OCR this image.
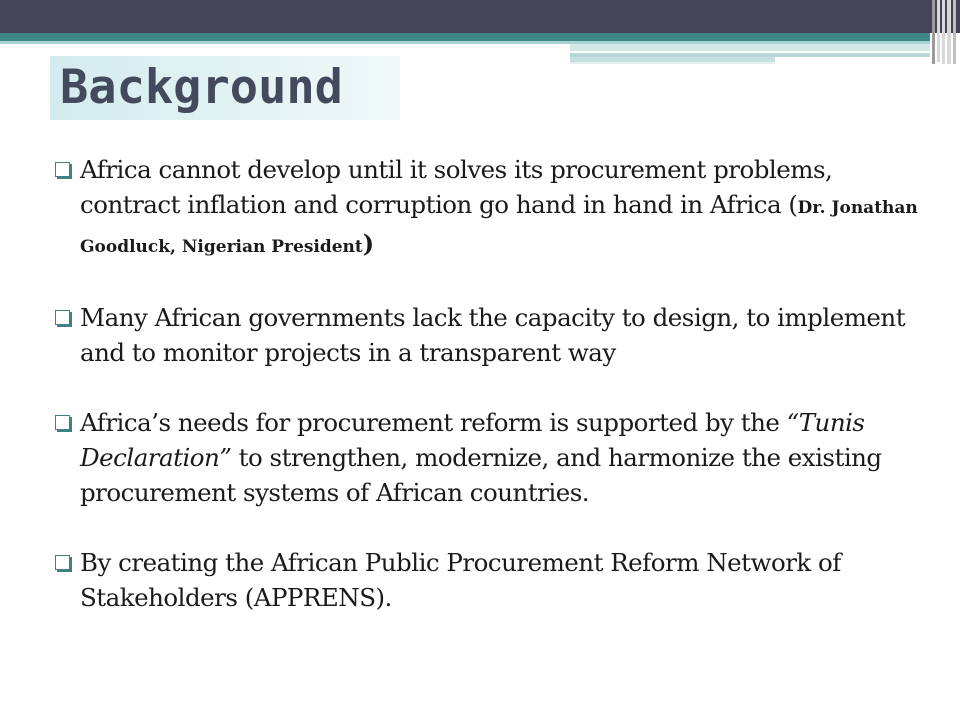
Background
Africa cannot develop until it solves its procurement problems, contract inflation and corruption go hand in hand in Africa (Dr. Jonathan Goodluck, Nigerian President)
Many African governments lack the capacity to design, to implement and to monitor projects in a transparent way
Africa’s needs for procurement reform is supported by the “Tunis Declaration” to strengthen, modernize, and harmonize the existing procurement systems of African countries.
By creating the African Public Procurement Reform Network of Stakeholders (APPRENS).
